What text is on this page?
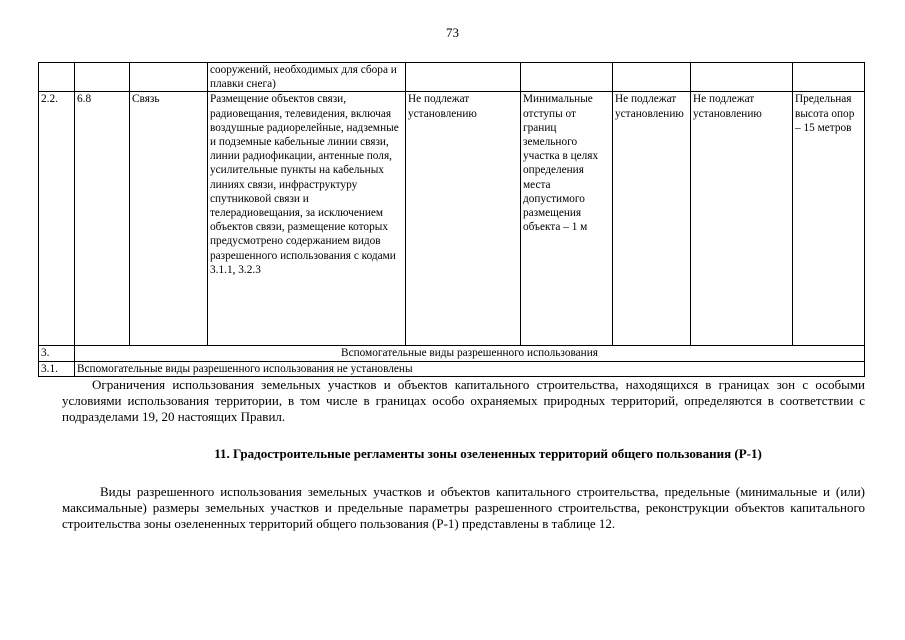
73
			сооружений, необходимых для сбора и плавки снега)					
2.2.	6.8	Связь	Размещение объектов связи, радиовещания, телевидения, включая воздушные радиорелейные, надземные и подземные кабельные линии связи, линии радиофикации, антенные поля, усилительные пункты на кабельных линиях связи, инфраструктуру спутниковой связи и телерадиовещания, за исключением объектов связи, размещение которых предусмотрено содержанием видов разрешенного использования с кодами 3.1.1, 3.2.3	Не подлежат установлению	Минимальные отступы от границ земельного участка в целях определения места допустимого размещения объекта – 1 м	Не подлежат установлению	Не подлежат установлению	Предельная высота опор – 15 метров
3.	Вспомогательные виды разрешенного использования							
3.1.	Вспомогательные виды разрешенного использования не установлены							
Ограничения использования земельных участков и объектов капитального строительства, находящихся в границах зон с особыми условиями использования территории, в том числе в границах особо охраняемых природных территорий, определяются в соответствии с подразделами 19, 20 настоящих Правил.
11. Градостроительные регламенты зоны озелененных территорий общего пользования (Р-1)
Виды разрешенного использования земельных участков и объектов капитального строительства, предельные (минимальные и (или) максимальные) размеры земельных участков и предельные параметры разрешенного строительства, реконструкции объектов капитального строительства зоны озелененных территорий общего пользования (Р-1) представлены в таблице 12.
